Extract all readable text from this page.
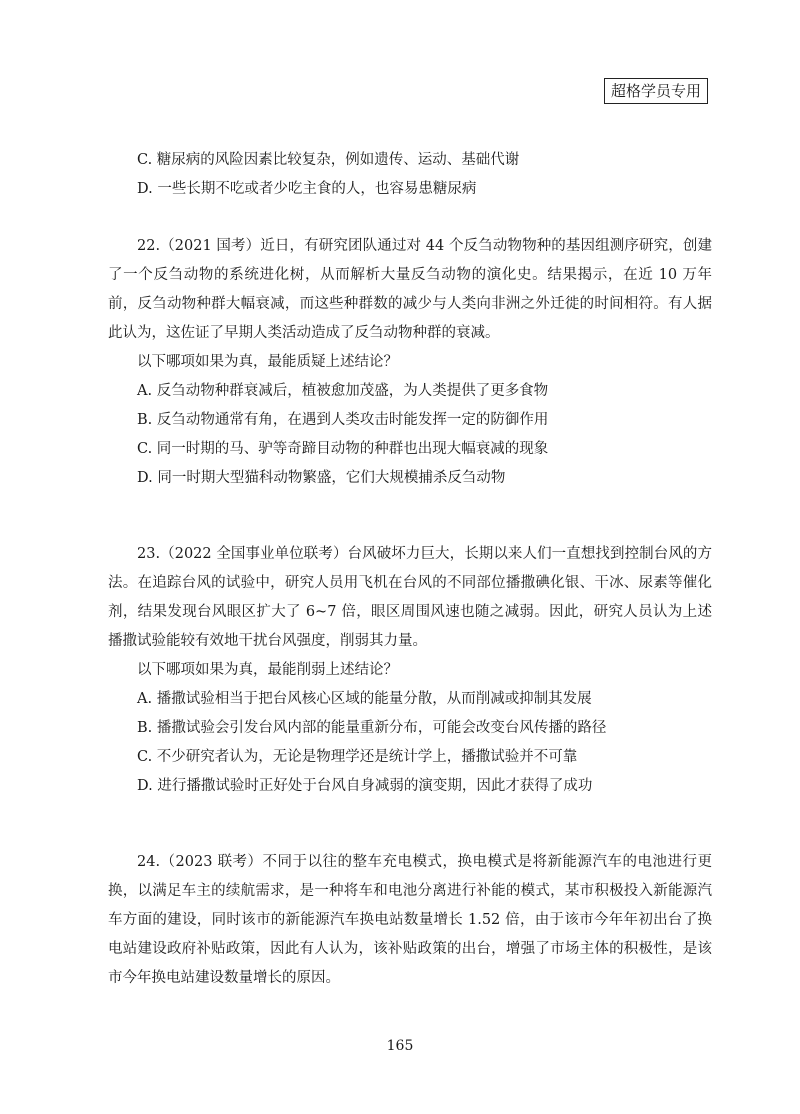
超格学员专用

C. 糖尿病的风险因素比较复杂，例如遗传、运动、基础代谢

D. 一些长期不吃或者少吃主食的人，也容易患糖尿病

22.（2021 国考）近日，有研究团队通过对 44 个反刍动物物种的基因组测序研究，创建了一个反刍动物的系统进化树，从而解析大量反刍动物的演化史。结果揭示，在近 10 万年前，反刍动物种群大幅衰减，而这些种群数的减少与人类向非洲之外迁徙的时间相符。有人据此认为，这佐证了早期人类活动造成了反刍动物种群的衰减。

以下哪项如果为真，最能质疑上述结论？

A. 反刍动物种群衰减后，植被愈加茂盛，为人类提供了更多食物

B. 反刍动物通常有角，在遇到人类攻击时能发挥一定的防御作用

C. 同一时期的马、驴等奇蹄目动物的种群也出现大幅衰减的现象

D. 同一时期大型猫科动物繁盛，它们大规模捕杀反刍动物

23.（2022 全国事业单位联考）台风破坏力巨大，长期以来人们一直想找到控制台风的方法。在追踪台风的试验中，研究人员用飞机在台风的不同部位播撒碘化银、干冰、尿素等催化剂，结果发现台风眼区扩大了 6~7 倍，眼区周围风速也随之减弱。因此，研究人员认为上述播撒试验能较有效地干扰台风强度，削弱其力量。

以下哪项如果为真，最能削弱上述结论？

A. 播撒试验相当于把台风核心区域的能量分散，从而削减或抑制其发展

B. 播撒试验会引发台风内部的能量重新分布，可能会改变台风传播的路径

C. 不少研究者认为，无论是物理学还是统计学上，播撒试验并不可靠

D. 进行播撒试验时正好处于台风自身减弱的演变期，因此才获得了成功

24.（2023 联考）不同于以往的整车充电模式，换电模式是将新能源汽车的电池进行更换，以满足车主的续航需求，是一种将车和电池分离进行补能的模式，某市积极投入新能源汽车方面的建设，同时该市的新能源汽车换电站数量增长 1.52 倍，由于该市今年年初出台了换电站建设政府补贴政策，因此有人认为，该补贴政策的出台，增强了市场主体的积极性，是该市今年换电站建设数量增长的原因。

165
